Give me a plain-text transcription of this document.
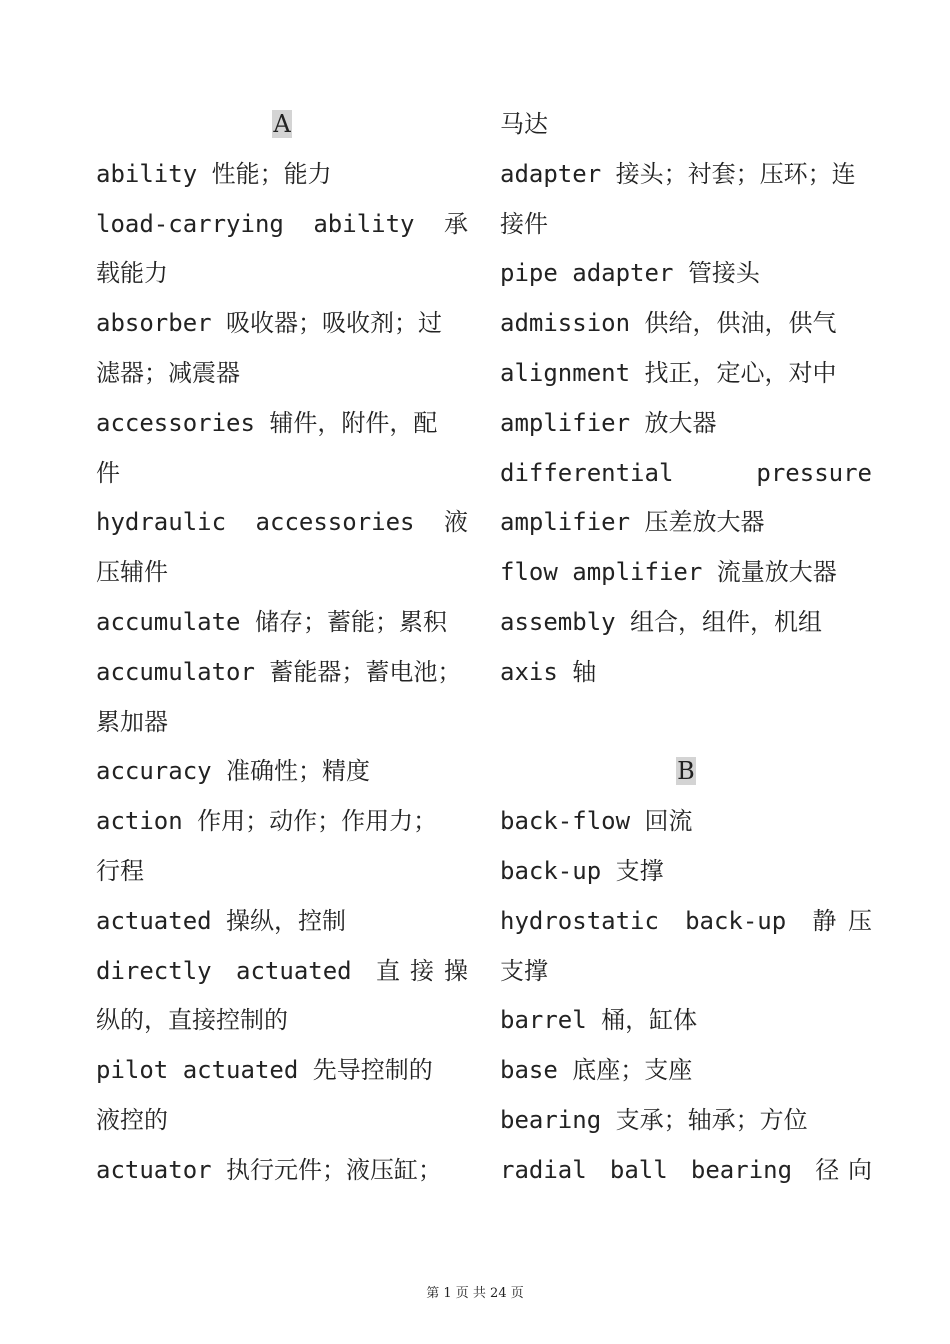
A
ability 性能；能力
load-carrying ability 承
载能力
absorber 吸收器；吸收剂；过
滤器；减震器
accessories 辅件，附件，配
件
hydraulic accessories 液
压辅件
accumulate 储存；蓄能；累积
accumulator 蓄能器；蓄电池；
累加器
accuracy 准确性；精度
action 作用；动作；作用力；
行程
actuated 操纵，控制
directly actuated 直接操
纵的，直接控制的
pilot actuated 先导控制的
液控的
actuator 执行元件；液压缸；
马达
adapter 接头；衬套；压环；连
接件
pipe adapter 管接头
admission 供给，供油，供气
alignment 找正，定心，对中
amplifier 放大器
differential pressure
amplifier 压差放大器
flow amplifier 流量放大器
assembly 组合，组件，机组
axis 轴
B
back-flow 回流
back-up 支撑
hydrostatic back-up 静压
支撑
barrel 桶，缸体
base 底座；支座
bearing 支承；轴承；方位
radial ball bearing 径向
第 1 页 共 24 页
